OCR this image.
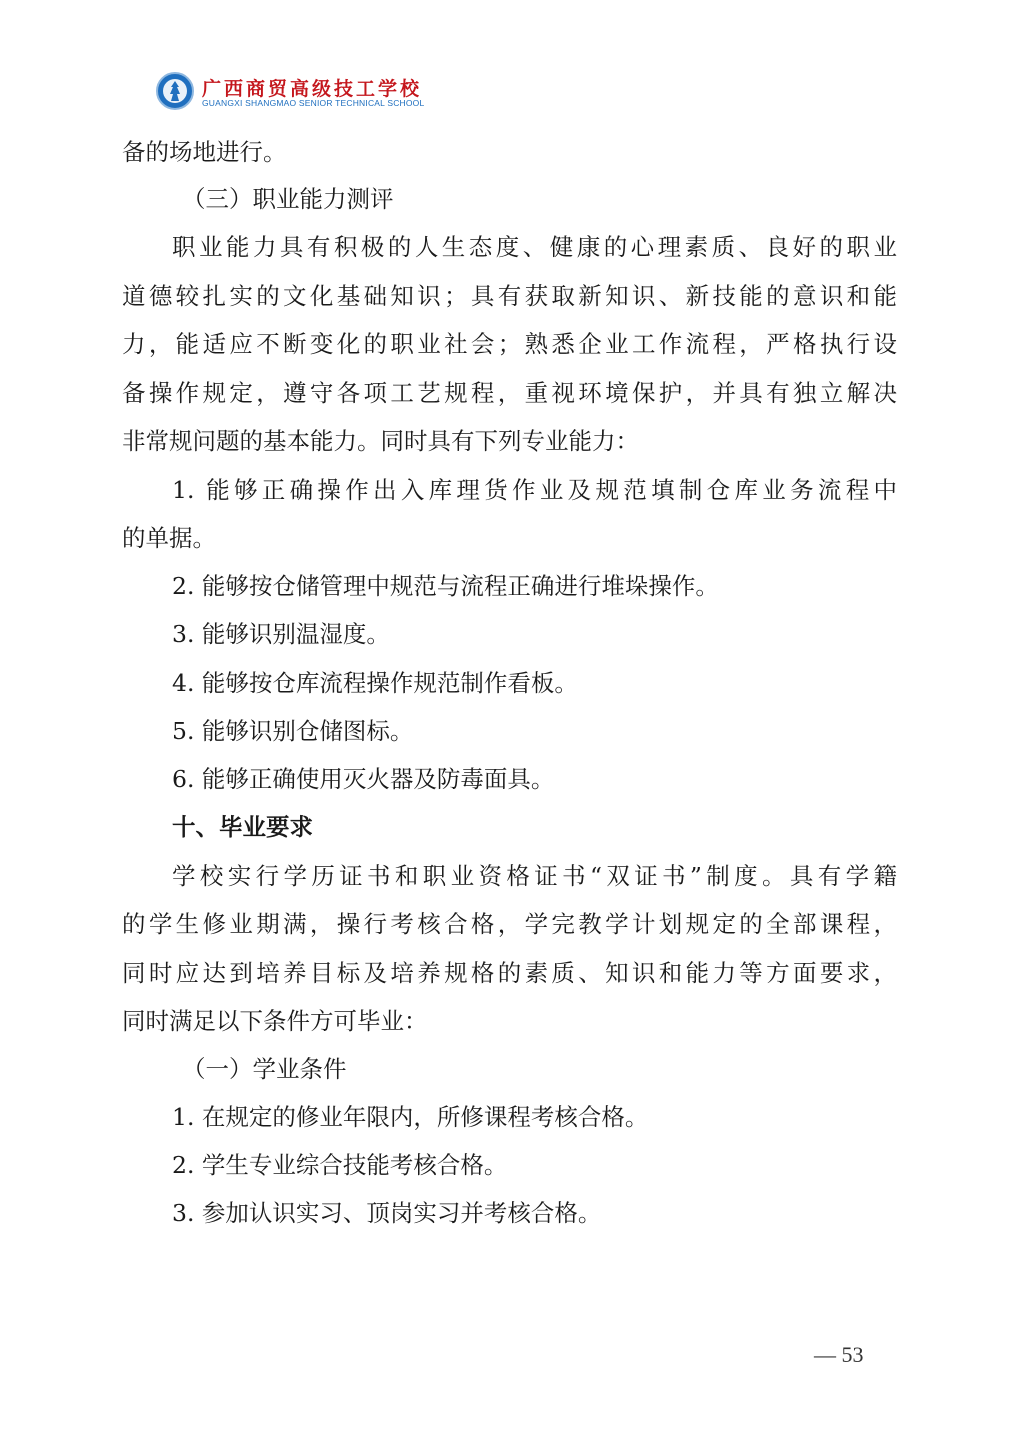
广西商贸高级技工学校
GUANGXI SHANGMAO SENIOR TECHNICAL SCHOOL
备的场地进行。
（三）职业能力测评
职业能力具有积极的人生态度、健康的心理素质、良好的职业
道德较扎实的文化基础知识；具有获取新知识、新技能的意识和能
力，能适应不断变化的职业社会；熟悉企业工作流程，严格执行设
备操作规定，遵守各项工艺规程，重视环境保护，并具有独立解决
非常规问题的基本能力。同时具有下列专业能力：
1. 能够正确操作出入库理货作业及规范填制仓库业务流程中
的单据。
2. 能够按仓储管理中规范与流程正确进行堆垛操作。
3. 能够识别温湿度。
4. 能够按仓库流程操作规范制作看板。
5. 能够识别仓储图标。
6. 能够正确使用灭火器及防毒面具。
十、毕业要求
学校实行学历证书和职业资格证书“双证书”制度。具有学籍
的学生修业期满，操行考核合格，学完教学计划规定的全部课程，
同时应达到培养目标及培养规格的素质、知识和能力等方面要求，
同时满足以下条件方可毕业：
（一）学业条件
1. 在规定的修业年限内，所修课程考核合格。
2. 学生专业综合技能考核合格。
3. 参加认识实习、顶岗实习并考核合格。
— 53
